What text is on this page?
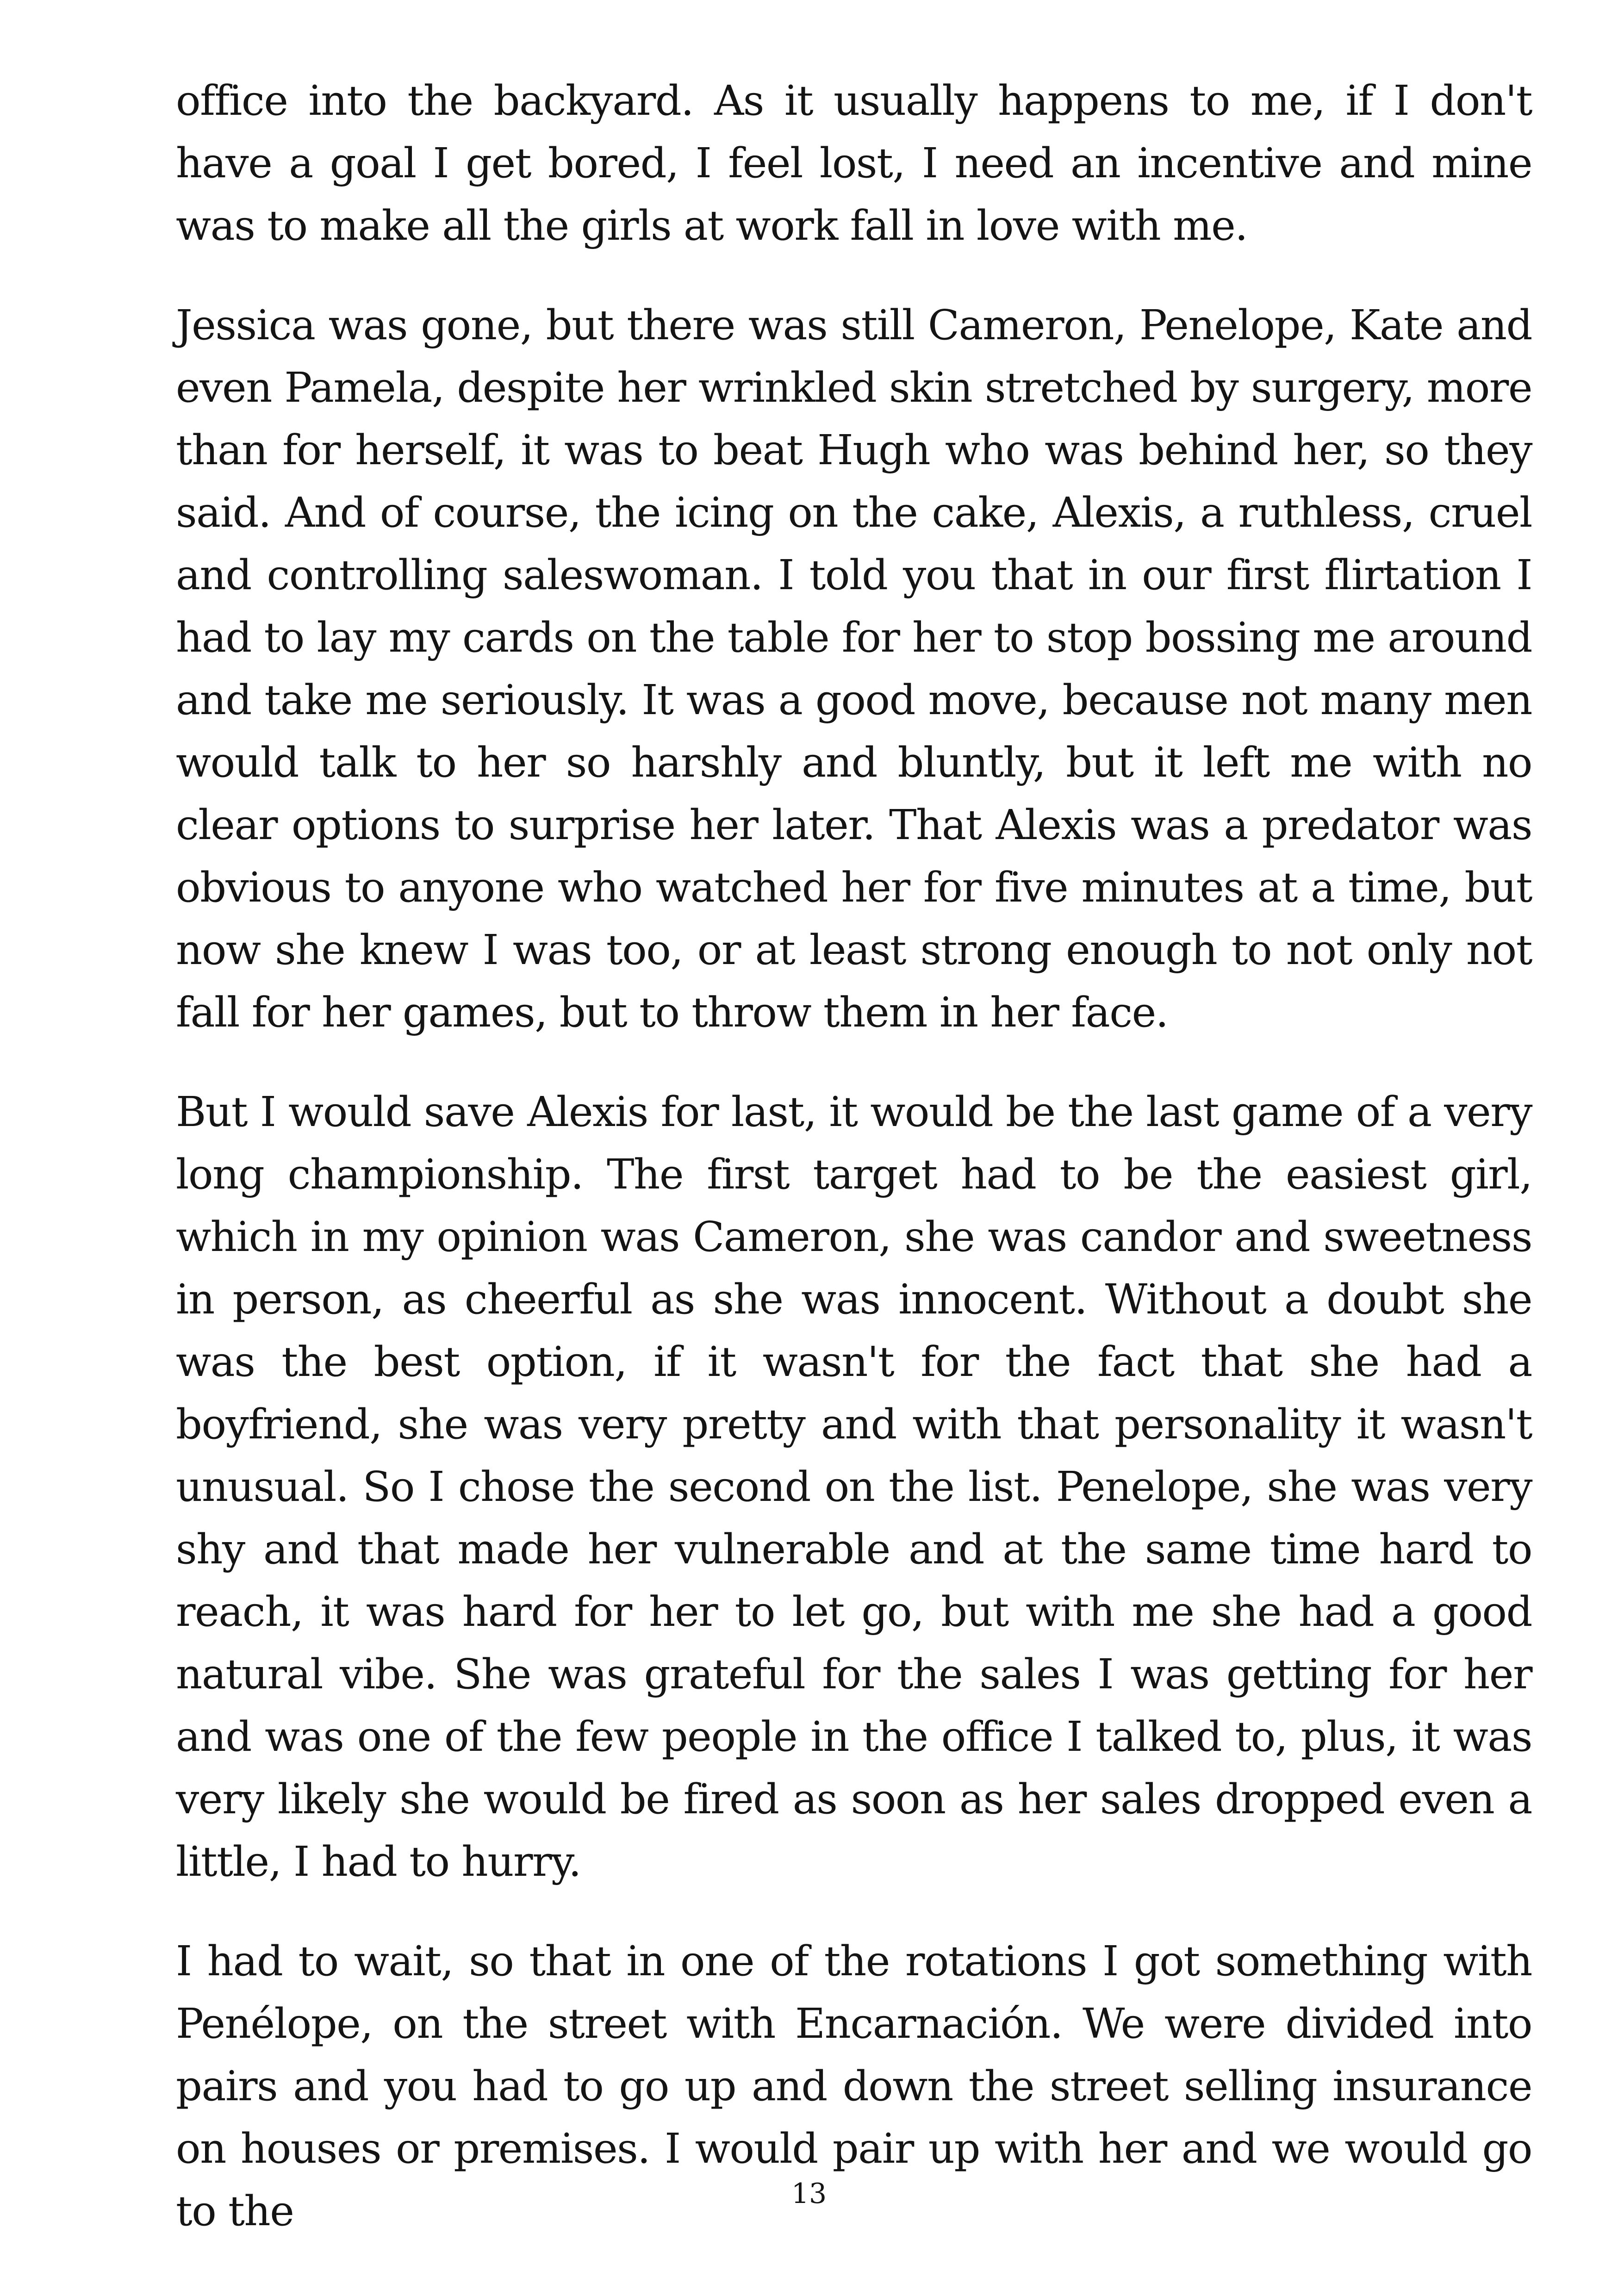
office into the backyard. As it usually happens to me, if I don't have a goal I get bored, I feel lost, I need an incentive and mine was to make all the girls at work fall in love with me.

Jessica was gone, but there was still Cameron, Penelope, Kate and even Pamela, despite her wrinkled skin stretched by surgery, more than for herself, it was to beat Hugh who was behind her, so they said. And of course, the icing on the cake, Alexis, a ruthless, cruel and controlling saleswoman. I told you that in our first flirtation I had to lay my cards on the table for her to stop bossing me around and take me seriously. It was a good move, because not many men would talk to her so harshly and bluntly, but it left me with no clear options to surprise her later. That Alexis was a predator was obvious to anyone who watched her for five minutes at a time, but now she knew I was too, or at least strong enough to not only not fall for her games, but to throw them in her face.

But I would save Alexis for last, it would be the last game of a very long championship. The first target had to be the easiest girl, which in my opinion was Cameron, she was candor and sweetness in person, as cheerful as she was innocent. Without a doubt she was the best option, if it wasn't for the fact that she had a boyfriend, she was very pretty and with that personality it wasn't unusual. So I chose the second on the list. Penelope, she was very shy and that made her vulnerable and at the same time hard to reach, it was hard for her to let go, but with me she had a good natural vibe. She was grateful for the sales I was getting for her and was one of the few people in the office I talked to, plus, it was very likely she would be fired as soon as her sales dropped even a little, I had to hurry.

I had to wait, so that in one of the rotations I got something with Penélope, on the street with Encarnación. We were divided into pairs and you had to go up and down the street selling insurance on houses or premises. I would pair up with her and we would go to the	13
